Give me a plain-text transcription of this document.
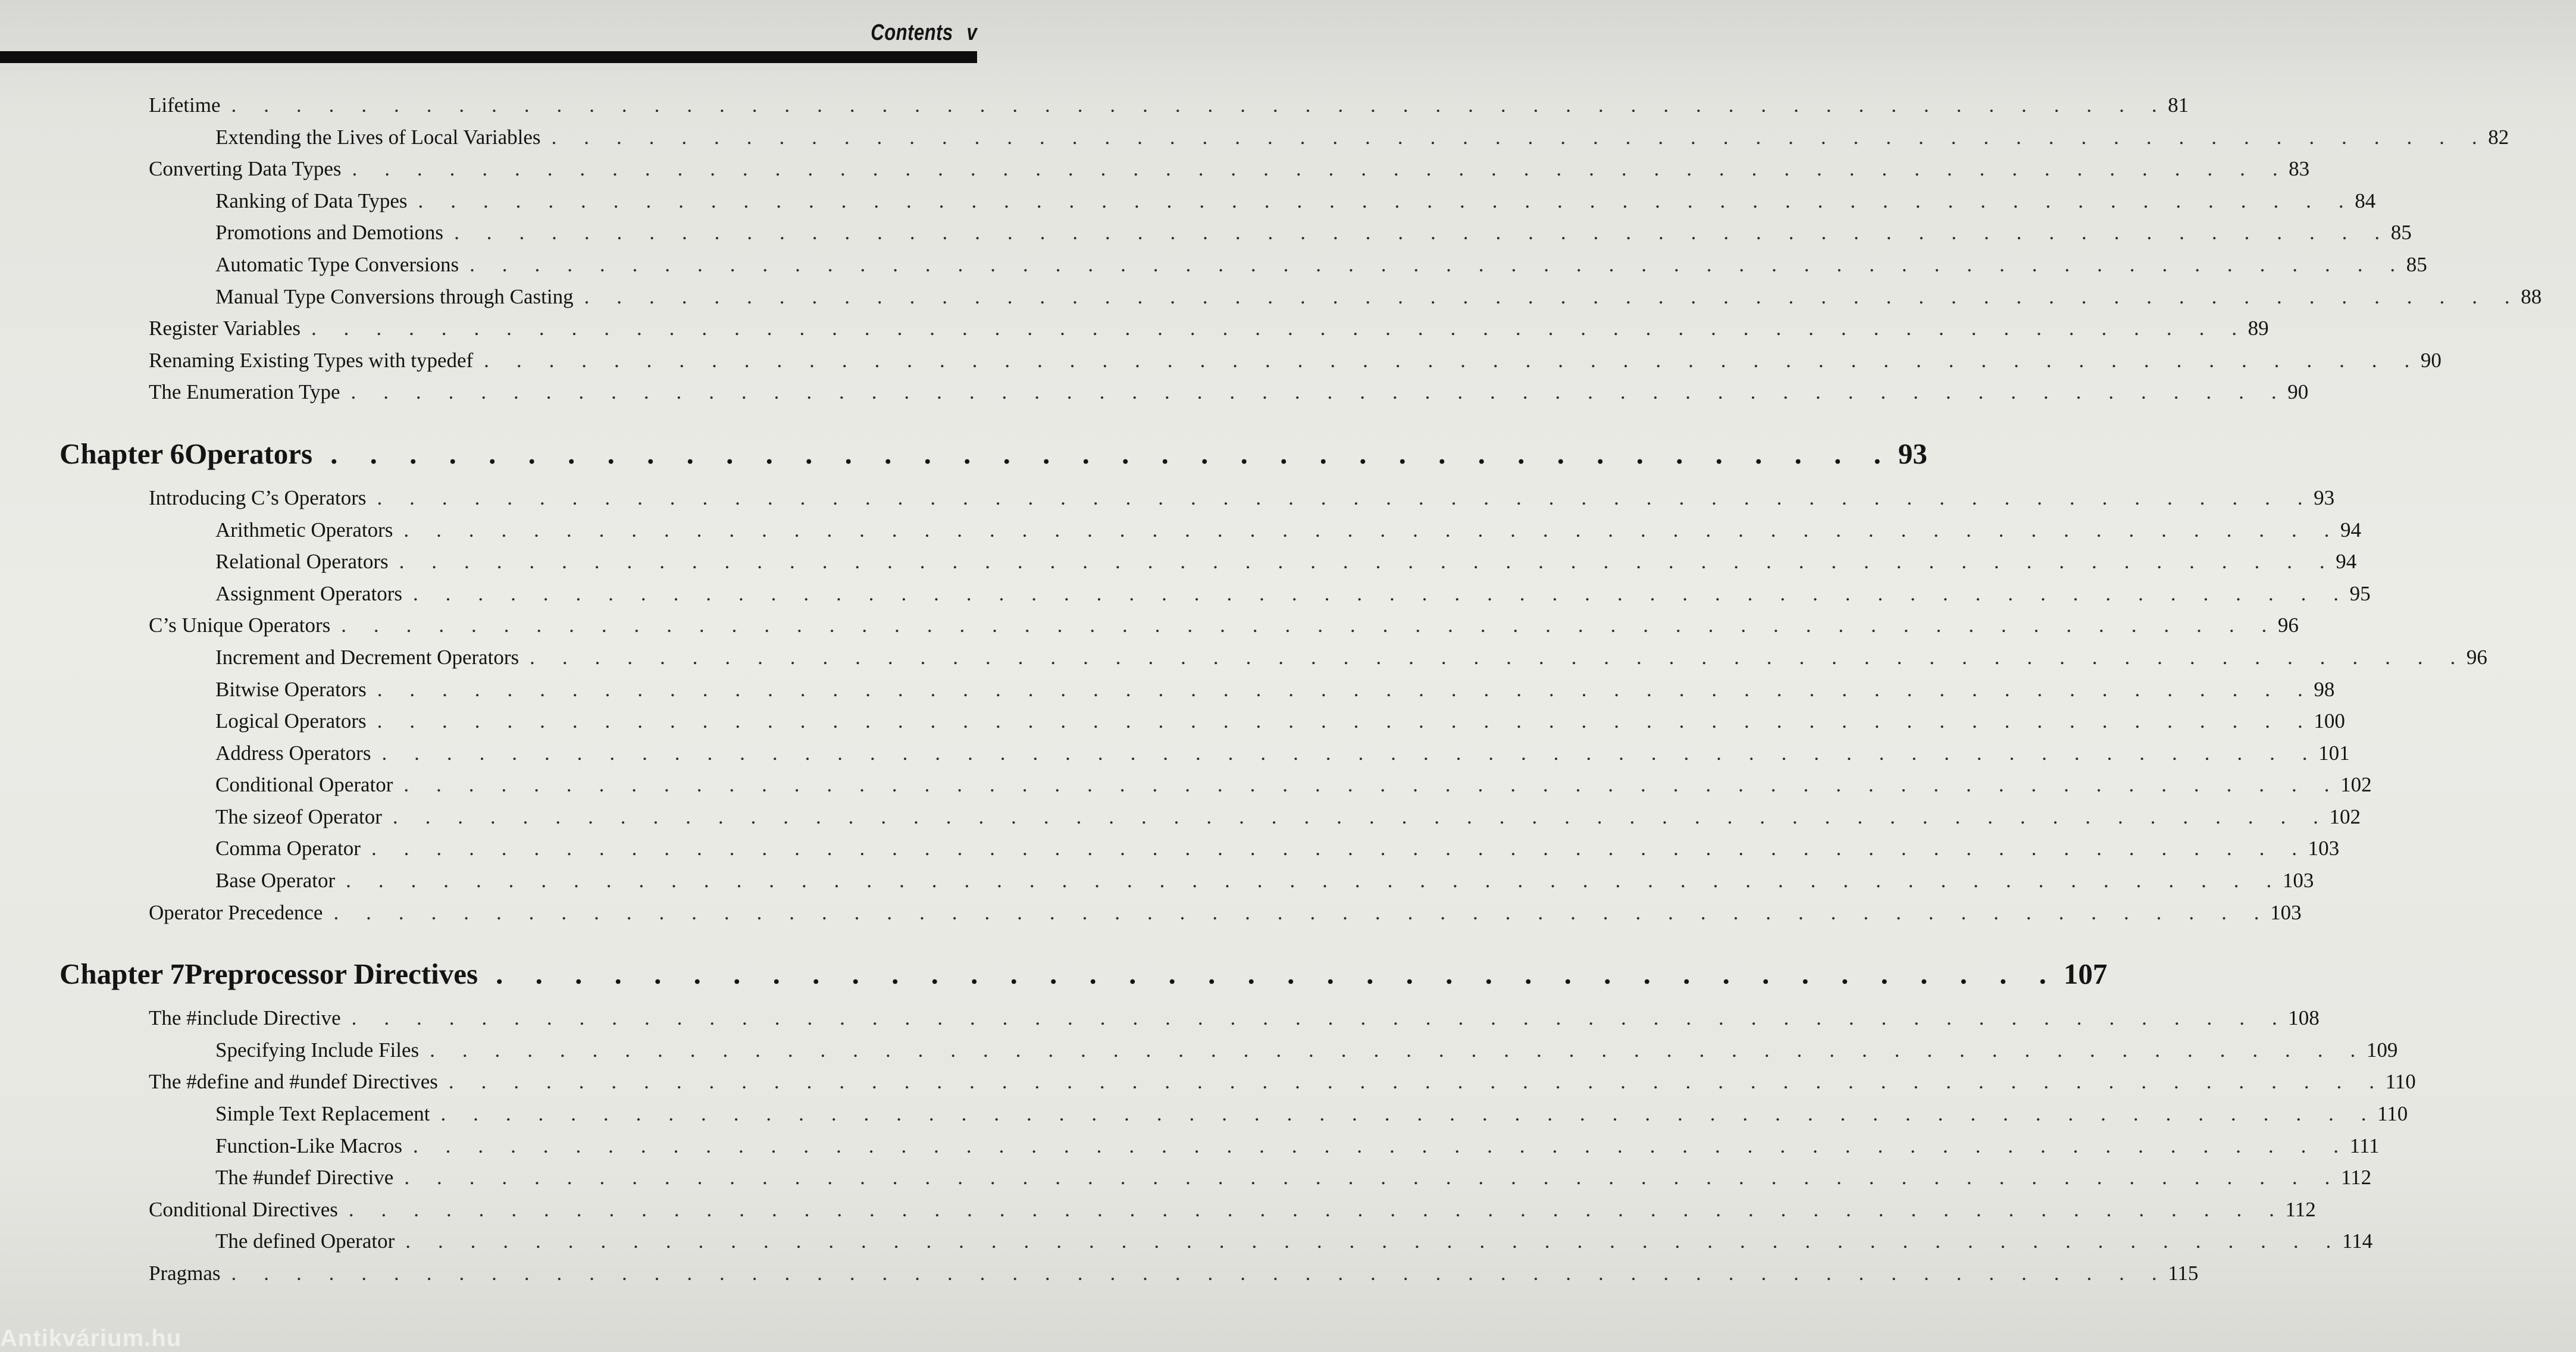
Contents v
Lifetime . . . . . . . . . . . . . . . . . . . . . . . . . . . . . . . . . . . . . . . . . . . . . . . . . . . . . . . . . . . . 81
Extending the Lives of Local Variables . . . . . . . . . . . . . . . . . . . . . . . . . . . . . . . . . . . . . . . . . . . . . . . . . . . . . . . . . . . . 82
Converting Data Types . . . . . . . . . . . . . . . . . . . . . . . . . . . . . . . . . . . . . . . . . . . . . . . . . . . . . . . . . . . . 83
Ranking of Data Types . . . . . . . . . . . . . . . . . . . . . . . . . . . . . . . . . . . . . . . . . . . . . . . . . . . . . . . . . . . . 84
Promotions and Demotions . . . . . . . . . . . . . . . . . . . . . . . . . . . . . . . . . . . . . . . . . . . . . . . . . . . . . . . . . . . . 85
Automatic Type Conversions . . . . . . . . . . . . . . . . . . . . . . . . . . . . . . . . . . . . . . . . . . . . . . . . . . . . . . . . . . . . 85
Manual Type Conversions through Casting . . . . . . . . . . . . . . . . . . . . . . . . . . . . . . . . . . . . . . . . . . . . . . . . . . . . . . . . . . . . 88
Register Variables . . . . . . . . . . . . . . . . . . . . . . . . . . . . . . . . . . . . . . . . . . . . . . . . . . . . . . . . . . . . 89
Renaming Existing Types with typedef . . . . . . . . . . . . . . . . . . . . . . . . . . . . . . . . . . . . . . . . . . . . . . . . . . . . . . . . . . . . 90
The Enumeration Type . . . . . . . . . . . . . . . . . . . . . . . . . . . . . . . . . . . . . . . . . . . . . . . . . . . . . . . . . . . . 90
Chapter 6 Operators . . . . . . . . . . . . . . . . . . . . . . . . . . . . . . . . . . . . . . . . 93
Introducing C’s Operators . . . . . . . . . . . . . . . . . . . . . . . . . . . . . . . . . . . . . . . . . . . . . . . . . . . . . . . . . . . . 93
Arithmetic Operators . . . . . . . . . . . . . . . . . . . . . . . . . . . . . . . . . . . . . . . . . . . . . . . . . . . . . . . . . . . . 94
Relational Operators . . . . . . . . . . . . . . . . . . . . . . . . . . . . . . . . . . . . . . . . . . . . . . . . . . . . . . . . . . . . 94
Assignment Operators . . . . . . . . . . . . . . . . . . . . . . . . . . . . . . . . . . . . . . . . . . . . . . . . . . . . . . . . . . . . 95
C’s Unique Operators . . . . . . . . . . . . . . . . . . . . . . . . . . . . . . . . . . . . . . . . . . . . . . . . . . . . . . . . . . . . 96
Increment and Decrement Operators . . . . . . . . . . . . . . . . . . . . . . . . . . . . . . . . . . . . . . . . . . . . . . . . . . . . . . . . . . . . 96
Bitwise Operators . . . . . . . . . . . . . . . . . . . . . . . . . . . . . . . . . . . . . . . . . . . . . . . . . . . . . . . . . . . . 98
Logical Operators . . . . . . . . . . . . . . . . . . . . . . . . . . . . . . . . . . . . . . . . . . . . . . . . . . . . . . . . . . . . 100
Address Operators . . . . . . . . . . . . . . . . . . . . . . . . . . . . . . . . . . . . . . . . . . . . . . . . . . . . . . . . . . . . 101
Conditional Operator . . . . . . . . . . . . . . . . . . . . . . . . . . . . . . . . . . . . . . . . . . . . . . . . . . . . . . . . . . . . 102
The sizeof Operator . . . . . . . . . . . . . . . . . . . . . . . . . . . . . . . . . . . . . . . . . . . . . . . . . . . . . . . . . . . . 102
Comma Operator . . . . . . . . . . . . . . . . . . . . . . . . . . . . . . . . . . . . . . . . . . . . . . . . . . . . . . . . . . . . 103
Base Operator . . . . . . . . . . . . . . . . . . . . . . . . . . . . . . . . . . . . . . . . . . . . . . . . . . . . . . . . . . . . 103
Operator Precedence . . . . . . . . . . . . . . . . . . . . . . . . . . . . . . . . . . . . . . . . . . . . . . . . . . . . . . . . . . . . 103
Chapter 7 Preprocessor Directives . . . . . . . . . . . . . . . . . . . . . . . . . . . . . . . . . . . . . . . . 107
The #include Directive . . . . . . . . . . . . . . . . . . . . . . . . . . . . . . . . . . . . . . . . . . . . . . . . . . . . . . . . . . . . 108
Specifying Include Files . . . . . . . . . . . . . . . . . . . . . . . . . . . . . . . . . . . . . . . . . . . . . . . . . . . . . . . . . . . . 109
The #define and #undef Directives . . . . . . . . . . . . . . . . . . . . . . . . . . . . . . . . . . . . . . . . . . . . . . . . . . . . . . . . . . . . 110
Simple Text Replacement . . . . . . . . . . . . . . . . . . . . . . . . . . . . . . . . . . . . . . . . . . . . . . . . . . . . . . . . . . . . 110
Function-Like Macros . . . . . . . . . . . . . . . . . . . . . . . . . . . . . . . . . . . . . . . . . . . . . . . . . . . . . . . . . . . . 111
The #undef Directive . . . . . . . . . . . . . . . . . . . . . . . . . . . . . . . . . . . . . . . . . . . . . . . . . . . . . . . . . . . . 112
Conditional Directives . . . . . . . . . . . . . . . . . . . . . . . . . . . . . . . . . . . . . . . . . . . . . . . . . . . . . . . . . . . . 112
The defined Operator . . . . . . . . . . . . . . . . . . . . . . . . . . . . . . . . . . . . . . . . . . . . . . . . . . . . . . . . . . . . 114
Pragmas . . . . . . . . . . . . . . . . . . . . . . . . . . . . . . . . . . . . . . . . . . . . . . . . . . . . . . . . . . . . 115
Antikvárium.hu
